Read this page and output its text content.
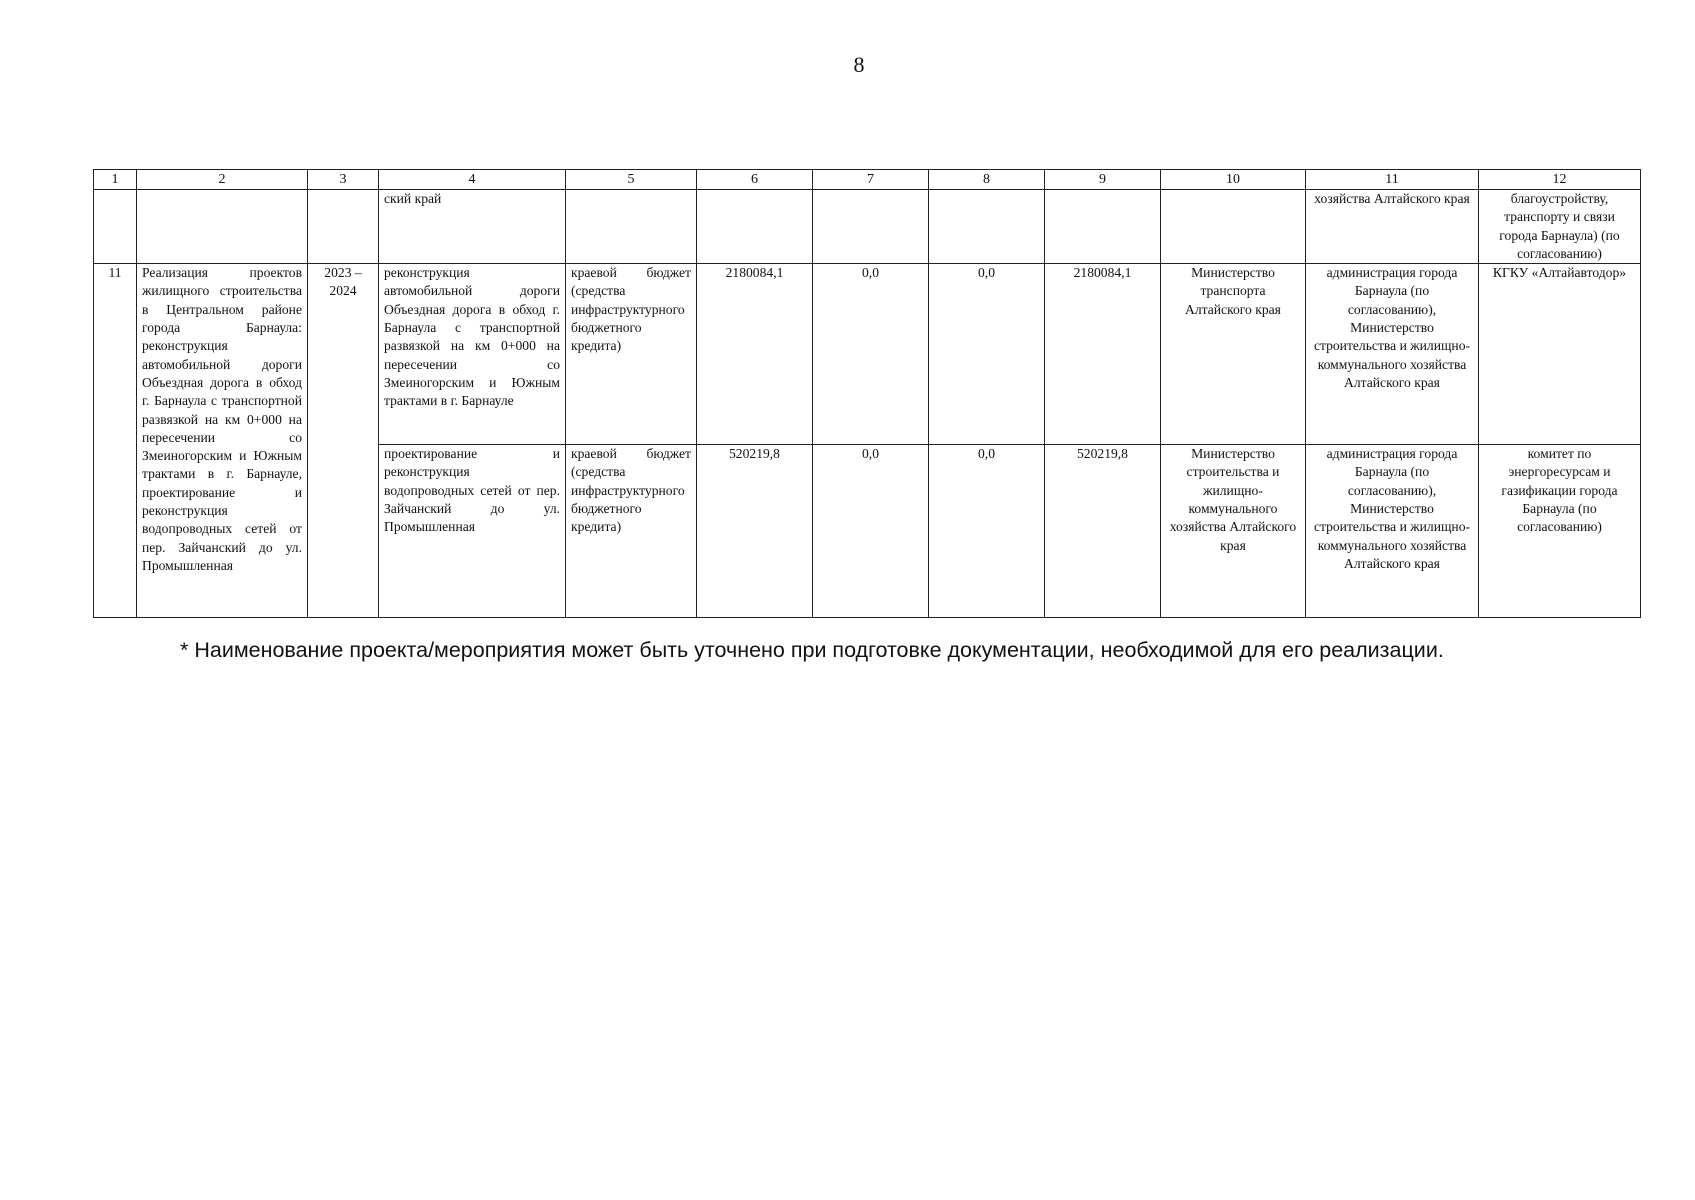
8
1	2	3	4	5	6	7	8	9	10	11	12
			ский край							хозяйства Алтайского края	благоустройству, транспорту и связи города Барнаула) (по согласованию)
11	Реализация проектов жилищного строительства в Центральном районе города Барнаула: реконструкция автомобильной дороги Объездная дорога в обход г. Барнаула с транспортной развязкой на км 0+000 на пересечении со Змеиногорским и Южным трактами в г. Барнауле, проектирование и реконструкция водопроводных сетей от пер. Зайчанский до ул. Промышленная	2023 – 2024	реконструкция автомобильной дороги Объездная дорога в обход г. Барнаула с транспортной развязкой на км 0+000 на пересечении со Змеиногорским и Южным трактами в г. Барнауле	краевой бюджет (средства инфраструктурного бюджетного кредита)	2180084,1	0,0	0,0	2180084,1	Министерство транспорта Алтайского края	администрация города Барнаула (по согласованию), Министерство строительства и жилищно-коммунального хозяйства Алтайского края	КГКУ «Алтайавтодор»
			проектирование и реконструкция водопроводных сетей от пер. Зайчанский до ул. Промышленная	краевой бюджет (средства инфраструктурного бюджетного кредита)	520219,8	0,0	0,0	520219,8	Министерство строительства и жилищно-коммунального хозяйства Алтайского края	администрация города Барнаула (по согласованию), Министерство строительства и жилищно-коммунального хозяйства Алтайского края	комитет по энергоресурсам и газификации города Барнаула (по согласованию)
* Наименование проекта/мероприятия может быть уточнено при подготовке документации, необходимой для его реализации.
